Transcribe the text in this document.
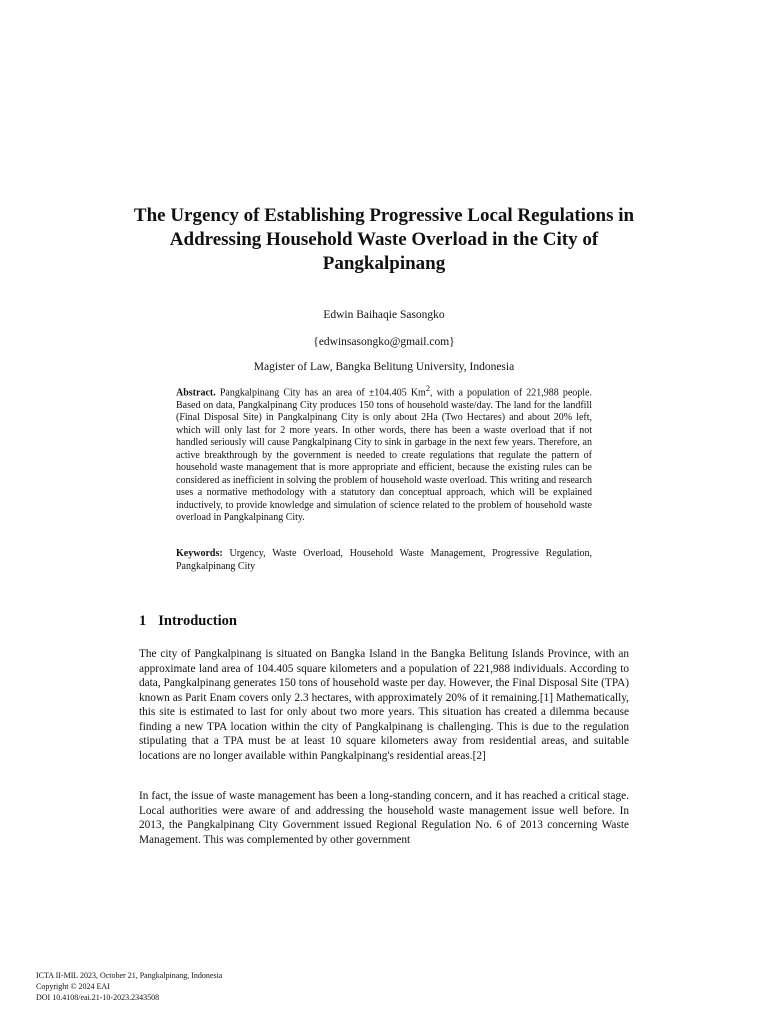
The Urgency of Establishing Progressive Local Regulations in Addressing Household Waste Overload in the City of Pangkalpinang
Edwin Baihaqie Sasongko
{edwinsasongko@gmail.com}
Magister of Law, Bangka Belitung University, Indonesia

Abstract. Pangkalpinang City has an area of ±104.405 Km$^2$, with a population of 221,988 people. Based on data, Pangkalpinang City produces 150 tons of household waste/day. The land for the landfill (Final Disposal Site) in Pangkalpinang City is only about 2Ha (Two Hectares) and about 20% left, which will only last for 2 more years. In other words, there has been a waste overload that if not handled seriously will cause Pangkalpinang City to sink in garbage in the next few years. Therefore, an active breakthrough by the government is needed to create regulations that regulate the pattern of household waste management that is more appropriate and efficient, because the existing rules can be considered as inefficient in solving the problem of household waste overload. This writing and research uses a normative methodology with a statutory dan conceptual approach, which will be explained inductively, to provide knowledge and simulation of science related to the problem of household waste overload in Pangkalpinang City.

Keywords: Urgency, Waste Overload, Household Waste Management, Progressive Regulation, Pangkalpinang City

1 Introduction

The city of Pangkalpinang is situated on Bangka Island in the Bangka Belitung Islands Province, with an approximate land area of 104.405 square kilometers and a population of 221,988 individuals. According to data, Pangkalpinang generates 150 tons of household waste per day. However, the Final Disposal Site (TPA) known as Parit Enam covers only 2.3 hectares, with approximately 20% of it remaining.[1] Mathematically, this site is estimated to last for only about two more years. This situation has created a dilemma because finding a new TPA location within the city of Pangkalpinang is challenging. This is due to the regulation stipulating that a TPA must be at least 10 square kilometers away from residential areas, and suitable locations are no longer available within Pangkalpinang's residential areas.[2]

In fact, the issue of waste management has been a long-standing concern, and it has reached a critical stage. Local authorities were aware of and addressing the household waste management issue well before. In 2013, the Pangkalpinang City Government issued Regional Regulation No. 6 of 2013 concerning Waste Management. This was complemented by other government

ICTA II-MIL 2023, October 21, Pangkalpinang, Indonesia
Copyright © 2024 EAI
DOI 10.4108/eai.21-10-2023.2343508
